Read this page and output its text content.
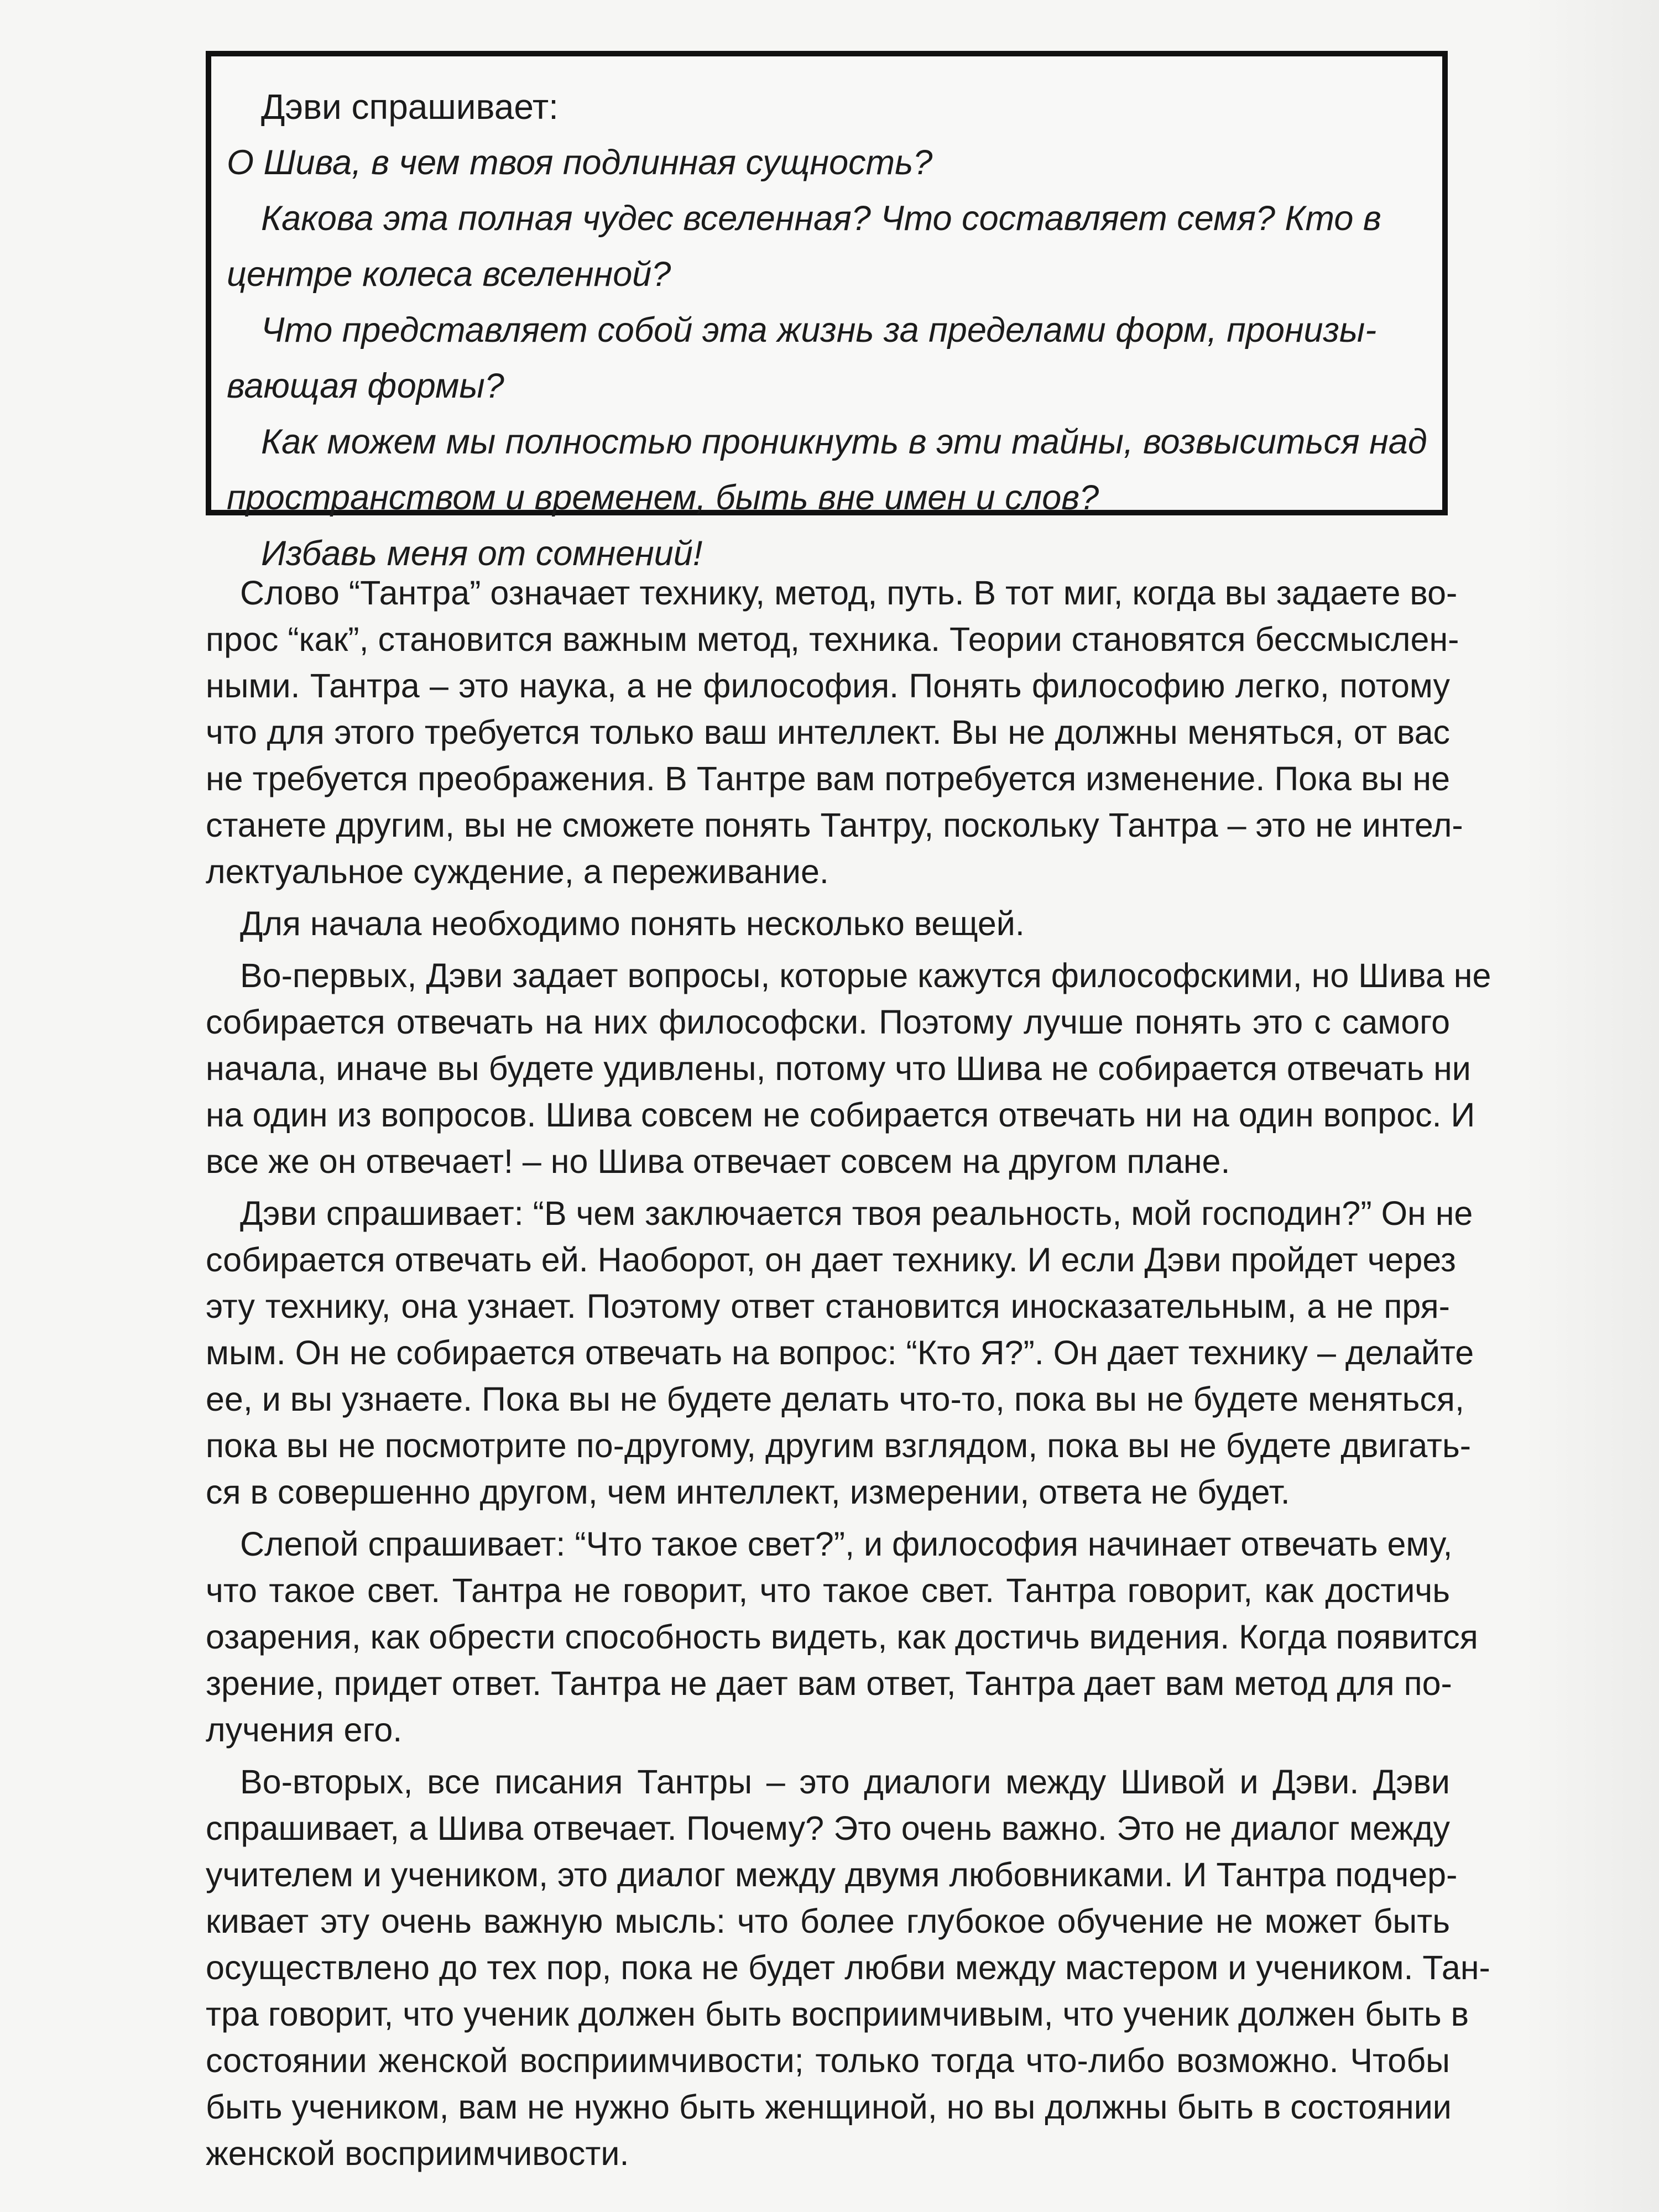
Дэви спрашивает:

О Шива, в чем твоя подлинная сущность?

Какова эта полная чудес вселенная? Что составляет семя? Кто в

центре колеса вселенной?

Что представляет собой эта жизнь за пределами форм, пронизы-

вающая формы?

Как можем мы полностью проникнуть в эти тайны, возвыситься над

пространством и временем, быть вне имен и слов?

Избавь меня от сомнений!

Слово “Тантра” означает технику, метод, путь. В тот миг, когда вы задаете во-
прос “как”, становится важным метод, техника. Теории становятся бессмыслен-
ными. Тантра – это наука, а не философия. Понять философию легко, потому
что для этого требуется только ваш интеллект. Вы не должны меняться, от вас
не требуется преображения. В Тантре вам потребуется изменение. Пока вы не
станете другим, вы не сможете понять Тантру, поскольку Тантра – это не интел-
лектуальное суждение, а переживание.

Для начала необходимо понять несколько вещей.

Во-первых, Дэви задает вопросы, которые кажутся философскими, но Шива не
собирается отвечать на них философски. Поэтому лучше понять это с самого
начала, иначе вы будете удивлены, потому что Шива не собирается отвечать ни
на один из вопросов. Шива совсем не собирается отвечать ни на один вопрос. И
все же он отвечает! – но Шива отвечает совсем на другом плане.

Дэви спрашивает: “В чем заключается твоя реальность, мой господин?” Он не
собирается отвечать ей. Наоборот, он дает технику. И если Дэви пройдет через
эту технику, она узнает. Поэтому ответ становится иносказательным, а не пря-
мым. Он не собирается отвечать на вопрос: “Кто Я?”. Он дает технику – делайте
ее, и вы узнаете. Пока вы не будете делать что-то, пока вы не будете меняться,
пока вы не посмотрите по-другому, другим взглядом, пока вы не будете двигать-
ся в совершенно другом, чем интеллект, измерении, ответа не будет.

Слепой спрашивает: “Что такое свет?”, и философия начинает отвечать ему,
что такое свет. Тантра не говорит, что такое свет. Тантра говорит, как достичь
озарения, как обрести способность видеть, как достичь видения. Когда появится
зрение, придет ответ. Тантра не дает вам ответ, Тантра дает вам метод для по-
лучения его.

Во-вторых, все писания Тантры – это диалоги между Шивой и Дэви. Дэви
спрашивает, а Шива отвечает. Почему? Это очень важно. Это не диалог между
учителем и учеником, это диалог между двумя любовниками. И Тантра подчер-
кивает эту очень важную мысль: что более глубокое обучение не может быть
осуществлено до тех пор, пока не будет любви между мастером и учеником. Тан-
тра говорит, что ученик должен быть восприимчивым, что ученик должен быть в
состоянии женской восприимчивости; только тогда что-либо возможно. Чтобы
быть учеником, вам не нужно быть женщиной, но вы должны быть в состоянии
женской восприимчивости.
